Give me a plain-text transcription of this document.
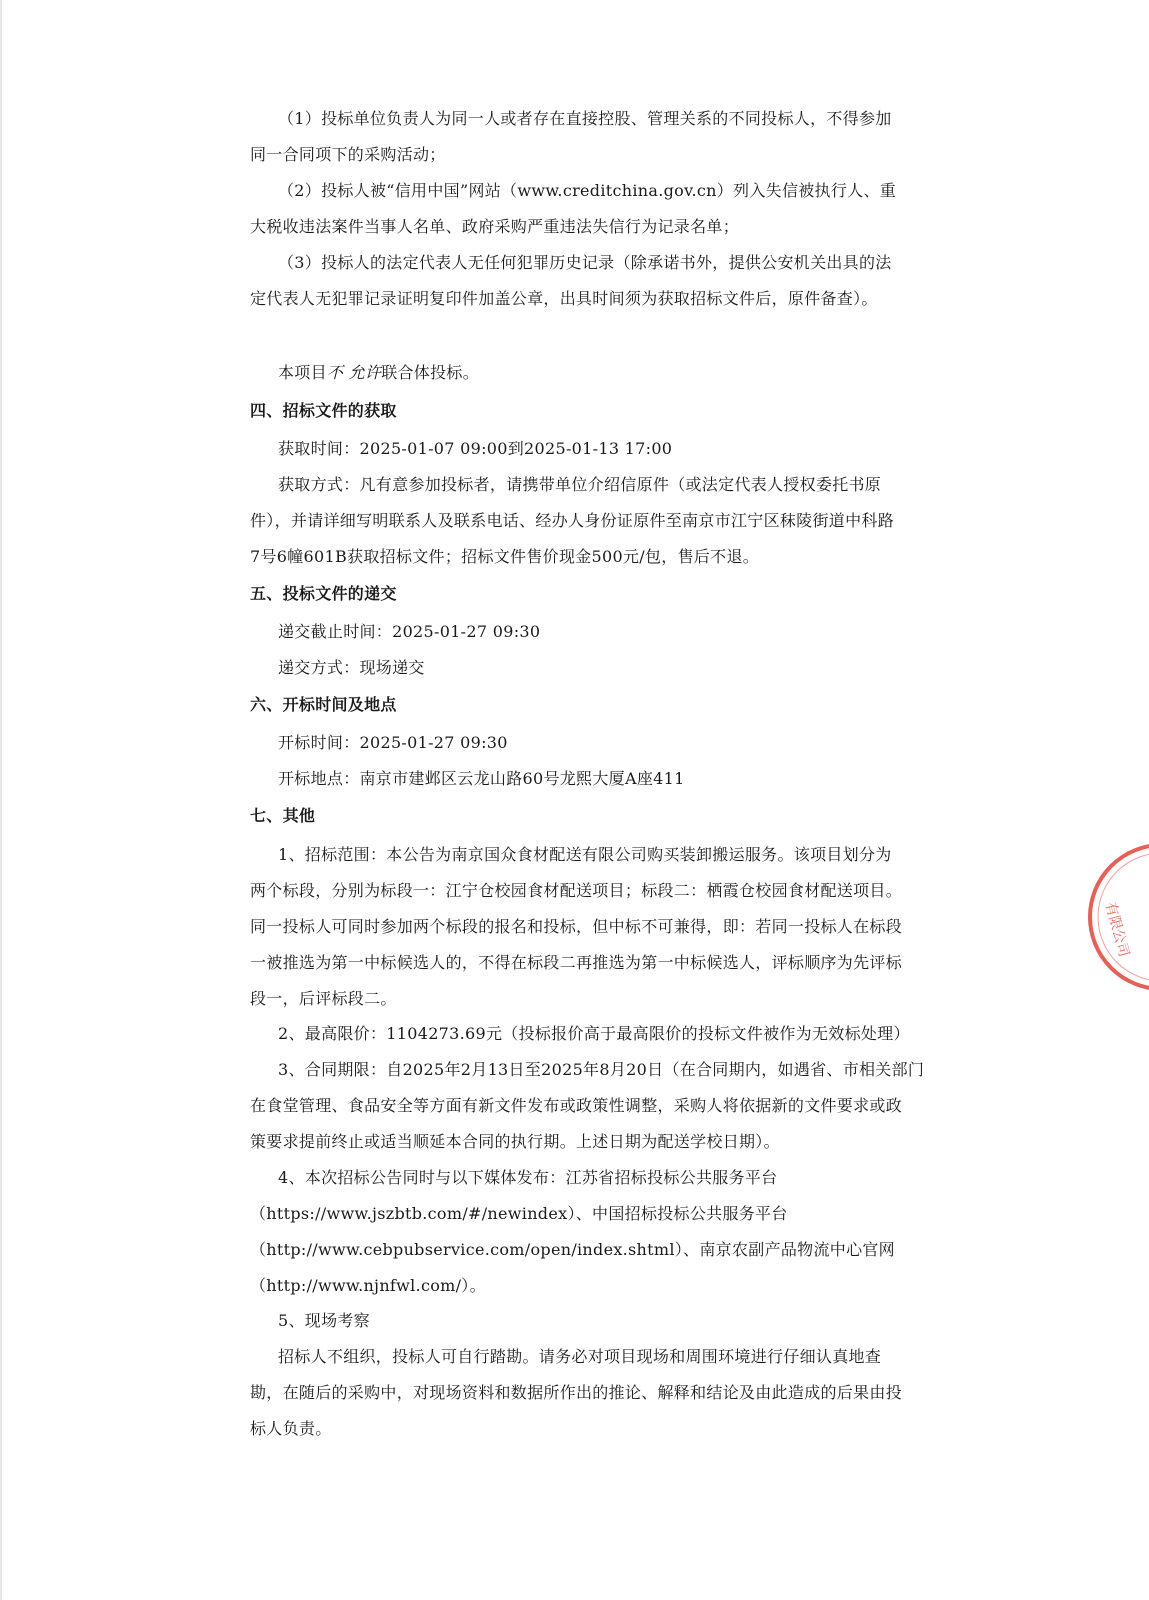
（1）投标单位负责人为同一人或者存在直接控股、管理关系的不同投标人，不得参加
同一合同项下的采购活动；
（2）投标人被“信用中国”网站（www.creditchina.gov.cn）列入失信被执行人、重
大税收违法案件当事人名单、政府采购严重违法失信行为记录名单；
（3）投标人的法定代表人无任何犯罪历史记录（除承诺书外，提供公安机关出具的法
定代表人无犯罪记录证明复印件加盖公章，出具时间须为获取招标文件后，原件备查）。
本项目不 允许联合体投标。
四、招标文件的获取
获取时间：2025-01-07 09:00到2025-01-13 17:00
获取方式：凡有意参加投标者，请携带单位介绍信原件（或法定代表人授权委托书原
件），并请详细写明联系人及联系电话、经办人身份证原件至南京市江宁区秣陵街道中科路
7号6幢601B获取招标文件；招标文件售价现金500元/包，售后不退。
五、投标文件的递交
递交截止时间：2025-01-27 09:30
递交方式：现场递交
六、开标时间及地点
开标时间：2025-01-27 09:30
开标地点：南京市建邺区云龙山路60号龙熙大厦A座411
七、其他
1、招标范围：本公告为南京国众食材配送有限公司购买装卸搬运服务。该项目划分为
两个标段，分别为标段一：江宁仓校园食材配送项目；标段二：栖霞仓校园食材配送项目。
同一投标人可同时参加两个标段的报名和投标，但中标不可兼得，即：若同一投标人在标段
一被推选为第一中标候选人的，不得在标段二再推选为第一中标候选人，评标顺序为先评标
段一，后评标段二。
2、最高限价：1104273.69元（投标报价高于最高限价的投标文件被作为无效标处理）
3、合同期限：自2025年2月13日至2025年8月20日（在合同期内，如遇省、市相关部门
在食堂管理、食品安全等方面有新文件发布或政策性调整，采购人将依据新的文件要求或政
策要求提前终止或适当顺延本合同的执行期。上述日期为配送学校日期）。
4、本次招标公告同时与以下媒体发布：江苏省招标投标公共服务平台
（https://www.jszbtb.com/#/newindex）、中国招标投标公共服务平台
（http://www.cebpubservice.com/open/index.shtml）、南京农副产品物流中心官网
（http://www.njnfwl.com/）。
5、现场考察
招标人不组织，投标人可自行踏勘。请务必对项目现场和周围环境进行仔细认真地查
勘，在随后的采购中，对现场资料和数据所作出的推论、解释和结论及由此造成的后果由投
标人负责。
有限公司
